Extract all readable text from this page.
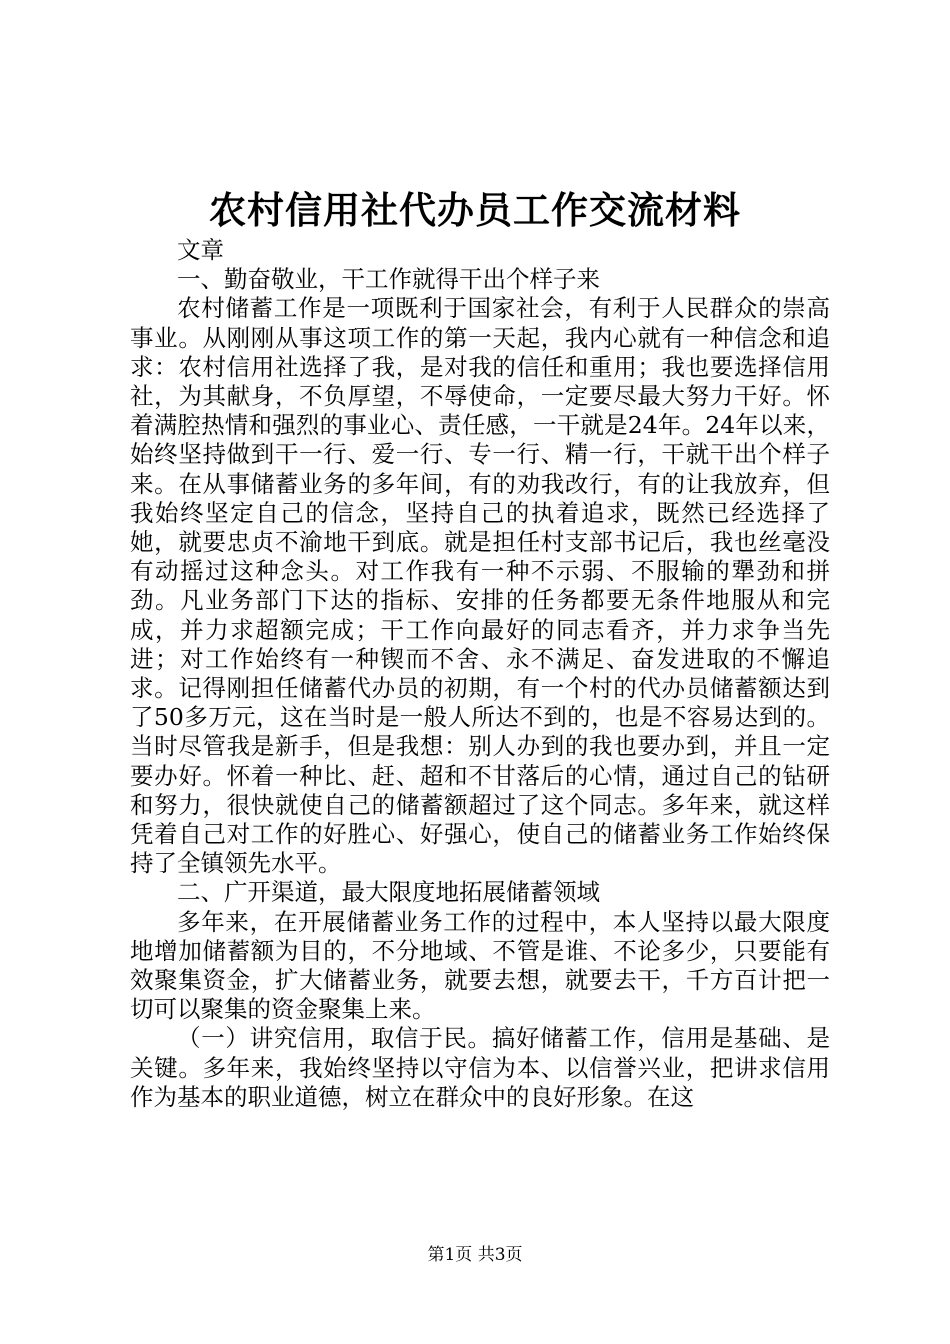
农村信用社代办员工作交流材料

文章

一、勤奋敬业，干工作就得干出个样子来

农村储蓄工作是一项既利于国家社会，有利于人民群众的崇高事业。从刚刚从事这项工作的第一天起，我内心就有一种信念和追求：农村信用社选择了我，是对我的信任和重用；我也要选择信用社，为其献身，不负厚望，不辱使命，一定要尽最大努力干好。怀着满腔热情和强烈的事业心、责任感，一干就是24年。24年以来，始终坚持做到干一行、爱一行、专一行、精一行，干就干出个样子来。在从事储蓄业务的多年间，有的劝我改行，有的让我放弃，但我始终坚定自己的信念，坚持自己的执着追求，既然已经选择了她，就要忠贞不渝地干到底。就是担任村支部书记后，我也丝毫没有动摇过这种念头。对工作我有一种不示弱、不服输的犟劲和拼劲。凡业务部门下达的指标、安排的任务都要无条件地服从和完成，并力求超额完成；干工作向最好的同志看齐，并力求争当先进；对工作始终有一种锲而不舍、永不满足、奋发进取的不懈追求。记得刚担任储蓄代办员的初期，有一个村的代办员储蓄额达到了50多万元，这在当时是一般人所达不到的，也是不容易达到的。当时尽管我是新手，但是我想：别人办到的我也要办到，并且一定要办好。怀着一种比、赶、超和不甘落后的心情，通过自己的钻研和努力，很快就使自己的储蓄额超过了这个同志。多年来，就这样凭着自己对工作的好胜心、好强心，使自己的储蓄业务工作始终保持了全镇领先水平。

二、广开渠道，最大限度地拓展储蓄领域

多年来，在开展储蓄业务工作的过程中，本人坚持以最大限度地增加储蓄额为目的，不分地域、不管是谁、不论多少，只要能有效聚集资金，扩大储蓄业务，就要去想，就要去干，千方百计把一切可以聚集的资金聚集上来。

（一）讲究信用，取信于民。搞好储蓄工作，信用是基础、是关键。多年来，我始终坚持以守信为本、以信誉兴业，把讲求信用作为基本的职业道德，树立在群众中的良好形象。在这

第1页 共3页
